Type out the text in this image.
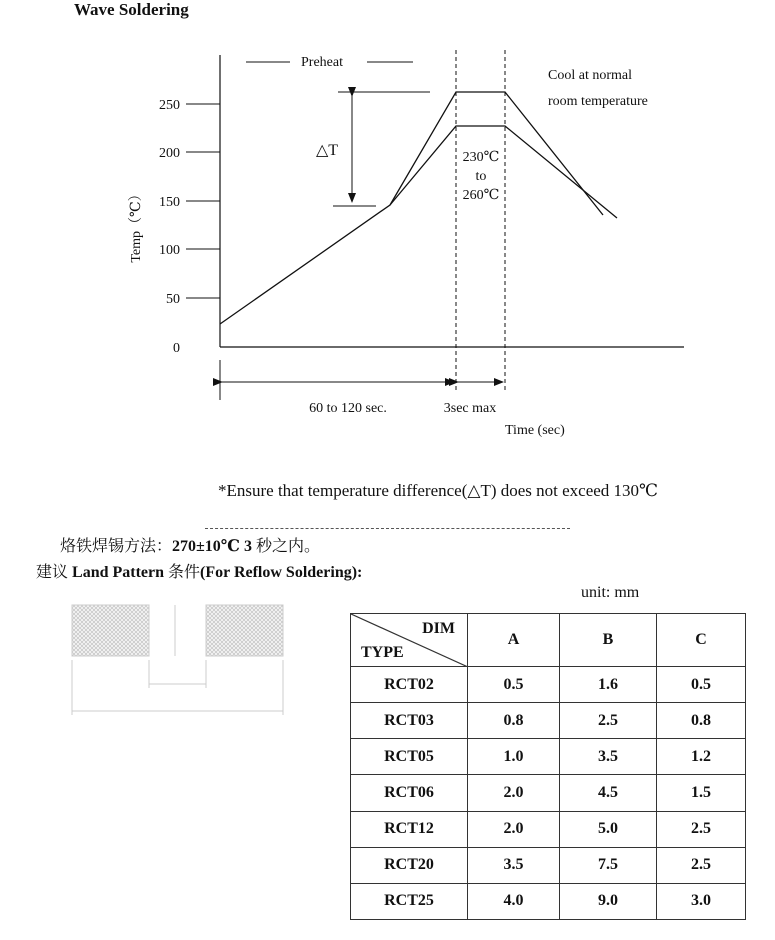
Wave Soldering
250
200
150
100
50
0
Temp（℃）
△T
Preheat
230℃
to
260℃
Cool at normal
room temperature
60 to 120 sec.	3sec max
Time (sec)
*Ensure that temperature difference(△T) does not exceed 130℃
烙铁焊锡方法：270±10℃ 3 秒之内。
建议 Land Pattern 条件(For Reflow Soldering):
unit: mm
DIM
TYPE	A	B	C
RCT02	0.5	1.6	0.5
RCT03	0.8	2.5	0.8
RCT05	1.0	3.5	1.2
RCT06	2.0	4.5	1.5
RCT12	2.0	5.0	2.5
RCT20	3.5	7.5	2.5
RCT25	4.0	9.0	3.0
